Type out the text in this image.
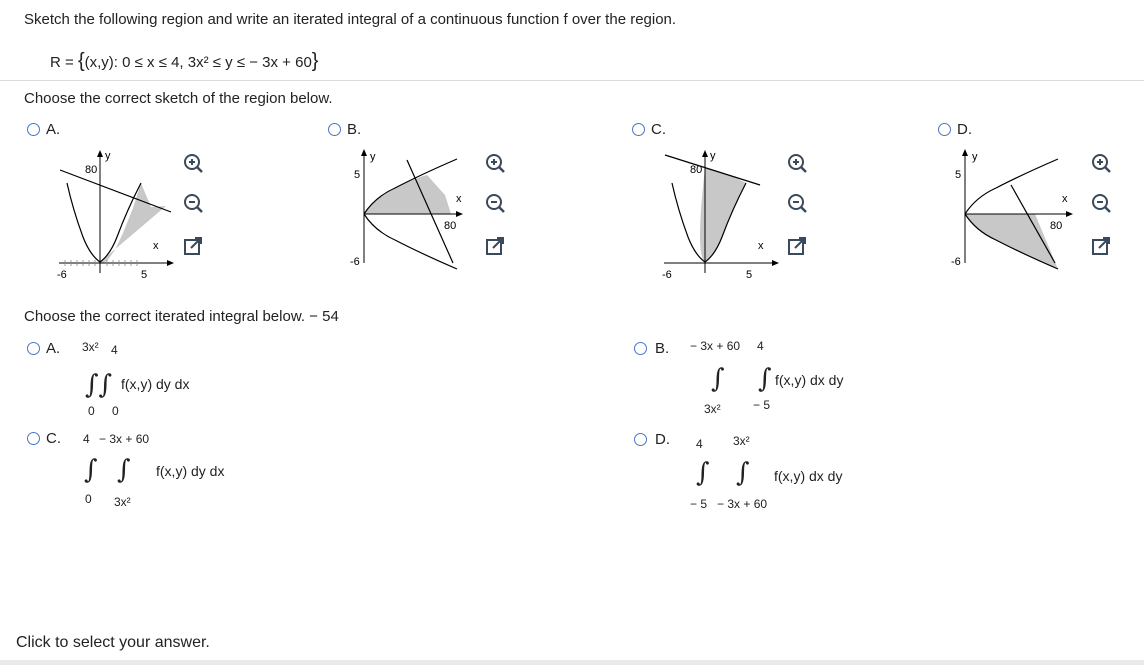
Sketch the following region and write an iterated integral of a continuous function f over the region.
R = {(x,y): 0 ≤ x ≤ 4, 3x² ≤ y ≤ − 3x + 60}
Choose the correct sketch of the region below.
A.	B.	C.	D.
80
y
x
-6	5
y
5
-6
x
80
80
y
x
-6	5
y
5
-6
x
80
Choose the correct iterated integral below. − 54
A. 3x² 4
∫∫ f(x,y) dy dx
0 0
B. − 3x + 60 4
∫ ∫ f(x,y) dx dy
3x²	− 5
C. 4 − 3x + 60
∫ ∫ f(x,y) dy dx
0 3x²
D. 4	3x²
∫ ∫ f(x,y) dx dy
− 5 − 3x + 60
Click to select your answer.
